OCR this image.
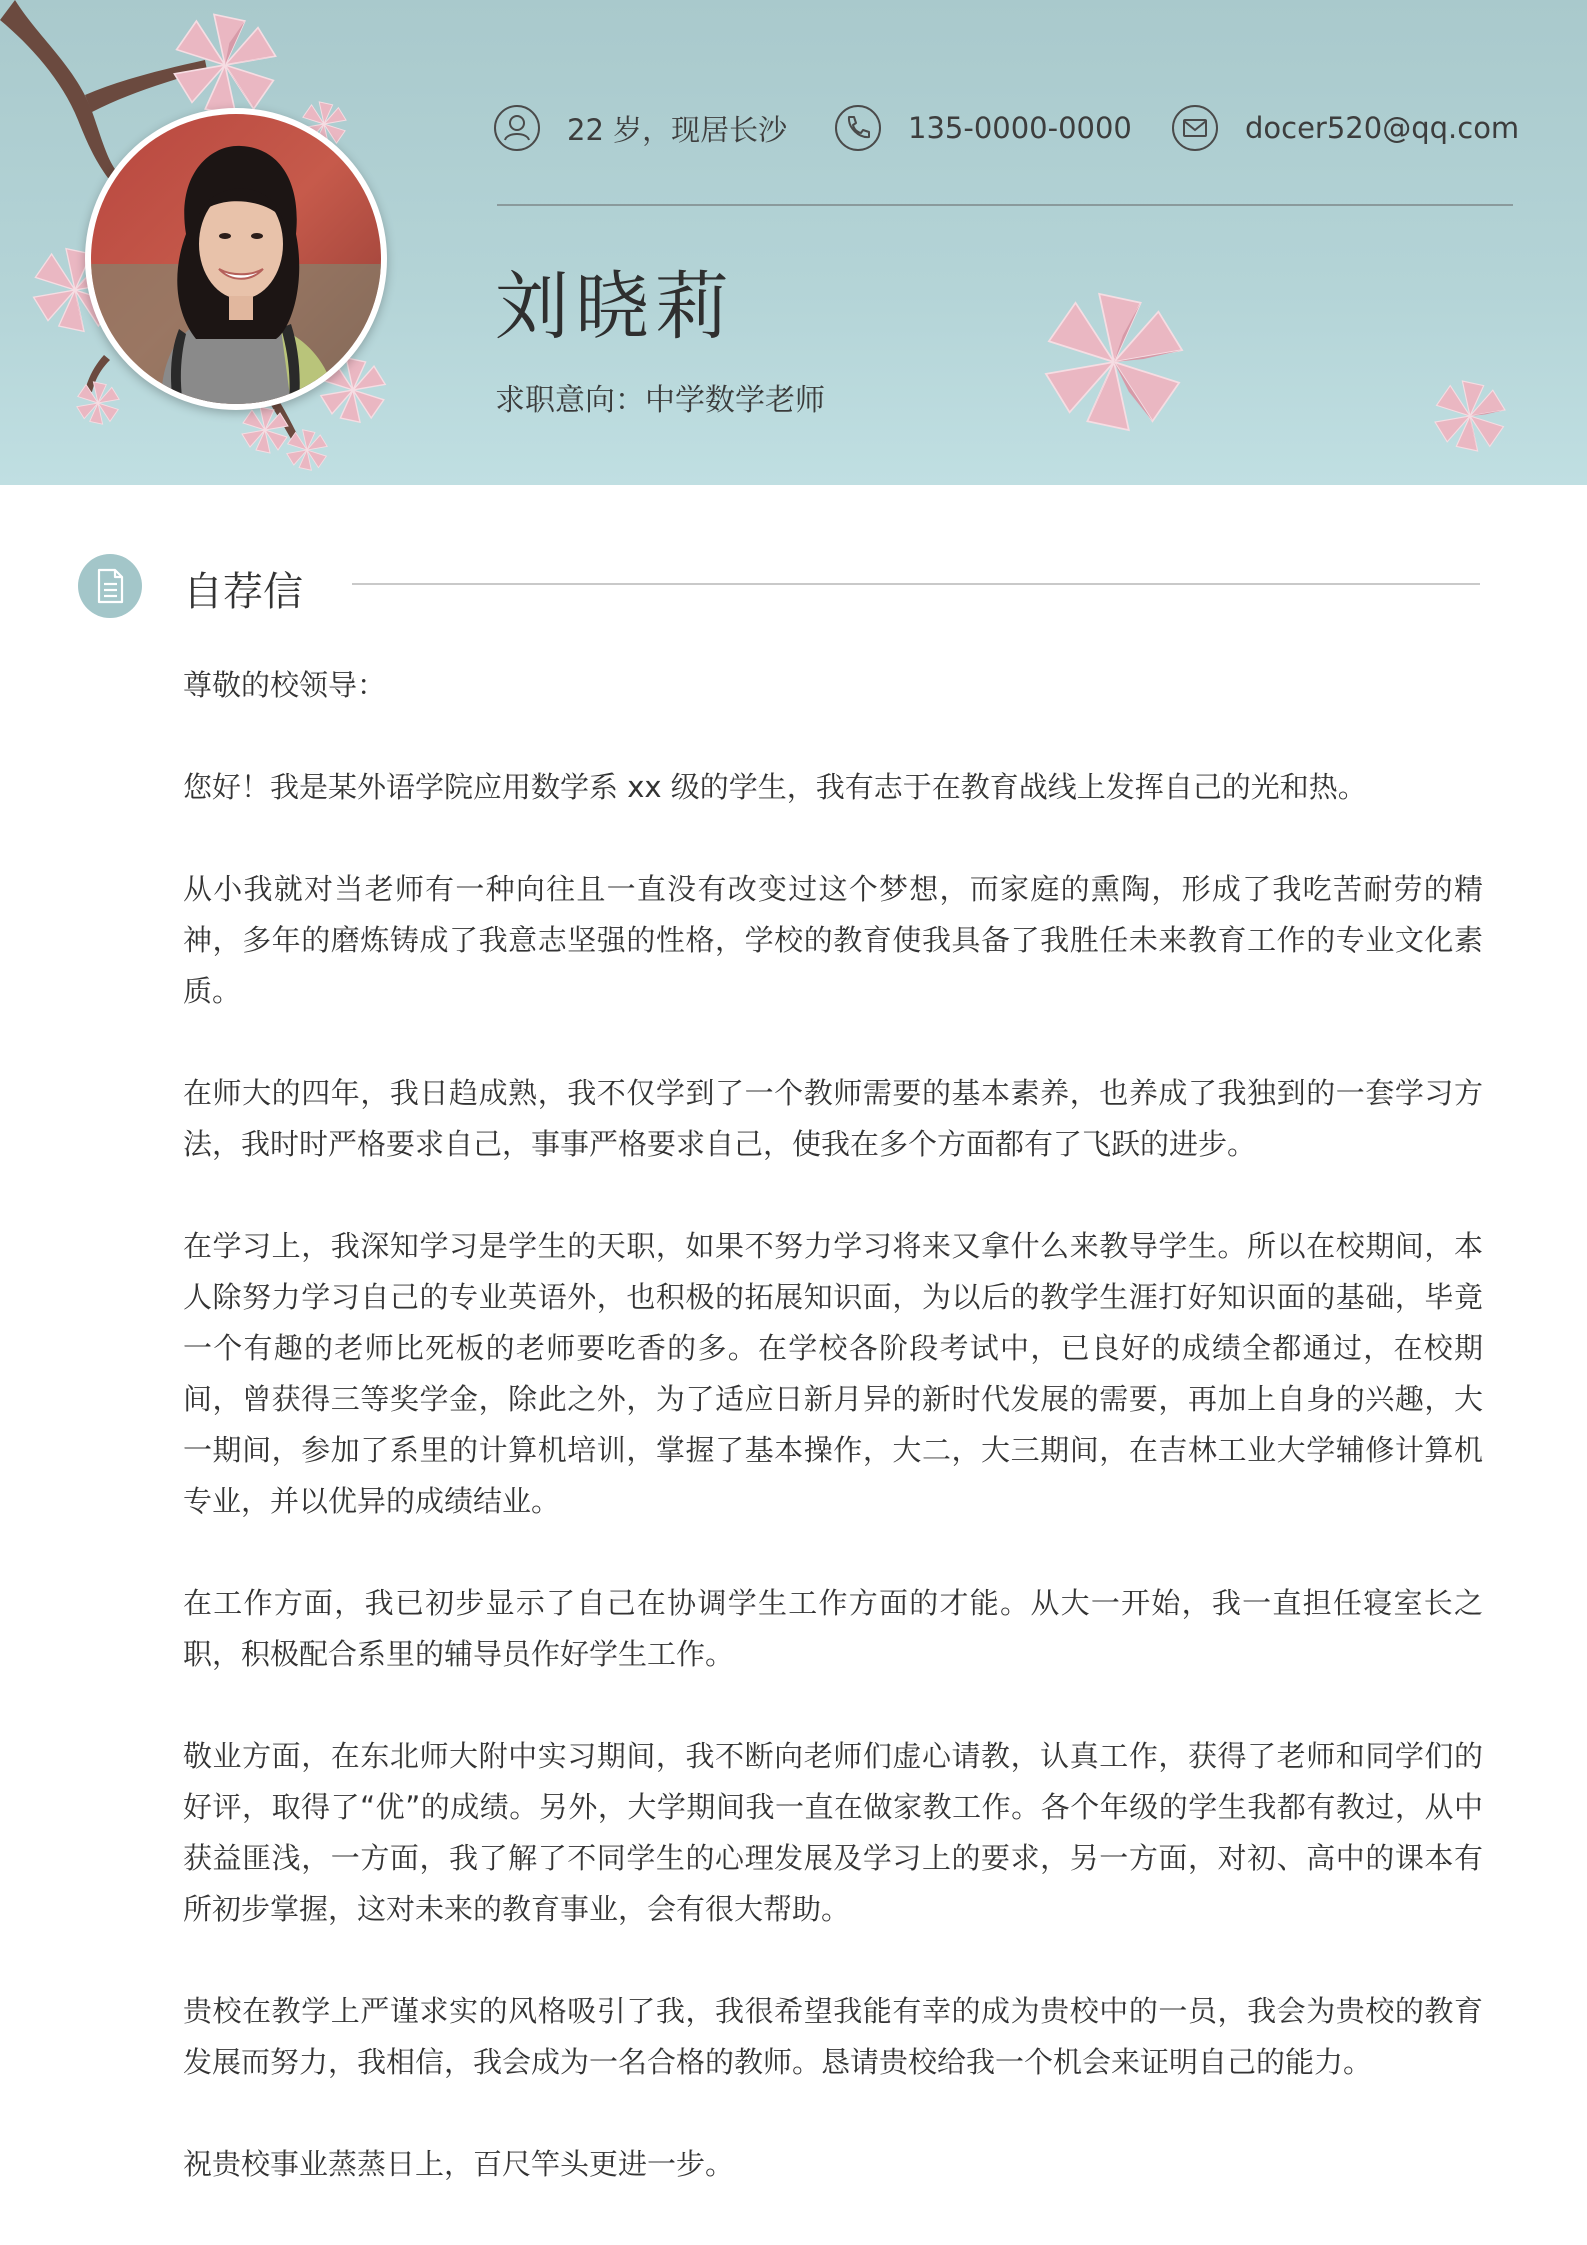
22 岁，现居长沙	135-0000-0000	docer520@qq.com
刘晓莉
求职意向：中学数学老师
自荐信

尊敬的校领导：

您好！我是某外语学院应用数学系 xx 级的学生，我有志于在教育战线上发挥自己的光和热。

从小我就对当老师有一种向往且一直没有改变过这个梦想，而家庭的熏陶，形成了我吃苦耐劳的精神，多年的磨炼铸成了我意志坚强的性格，学校的教育使我具备了我胜任未来教育工作的专业文化素质。

在师大的四年，我日趋成熟，我不仅学到了一个教师需要的基本素养，也养成了我独到的一套学习方法，我时时严格要求自己，事事严格要求自己，使我在多个方面都有了飞跃的进步。

在学习上，我深知学习是学生的天职，如果不努力学习将来又拿什么来教导学生。所以在校期间，本人除努力学习自己的专业英语外，也积极的拓展知识面，为以后的教学生涯打好知识面的基础，毕竟一个有趣的老师比死板的老师要吃香的多。在学校各阶段考试中，已良好的成绩全都通过，在校期间，曾获得三等奖学金，除此之外，为了适应日新月异的新时代发展的需要，再加上自身的兴趣，大一期间，参加了系里的计算机培训，掌握了基本操作，大二，大三期间，在吉林工业大学辅修计算机专业，并以优异的成绩结业。

在工作方面，我已初步显示了自己在协调学生工作方面的才能。从大一开始，我一直担任寝室长之职，积极配合系里的辅导员作好学生工作。

敬业方面，在东北师大附中实习期间，我不断向老师们虚心请教，认真工作，获得了老师和同学们的好评，取得了“优”的成绩。另外，大学期间我一直在做家教工作。各个年级的学生我都有教过，从中获益匪浅，一方面，我了解了不同学生的心理发展及学习上的要求，另一方面，对初、高中的课本有所初步掌握，这对未来的教育事业，会有很大帮助。

贵校在教学上严谨求实的风格吸引了我，我很希望我能有幸的成为贵校中的一员，我会为贵校的教育发展而努力，我相信，我会成为一名合格的教师。恳请贵校给我一个机会来证明自己的能力。

祝贵校事业蒸蒸日上，百尺竿头更进一步。
